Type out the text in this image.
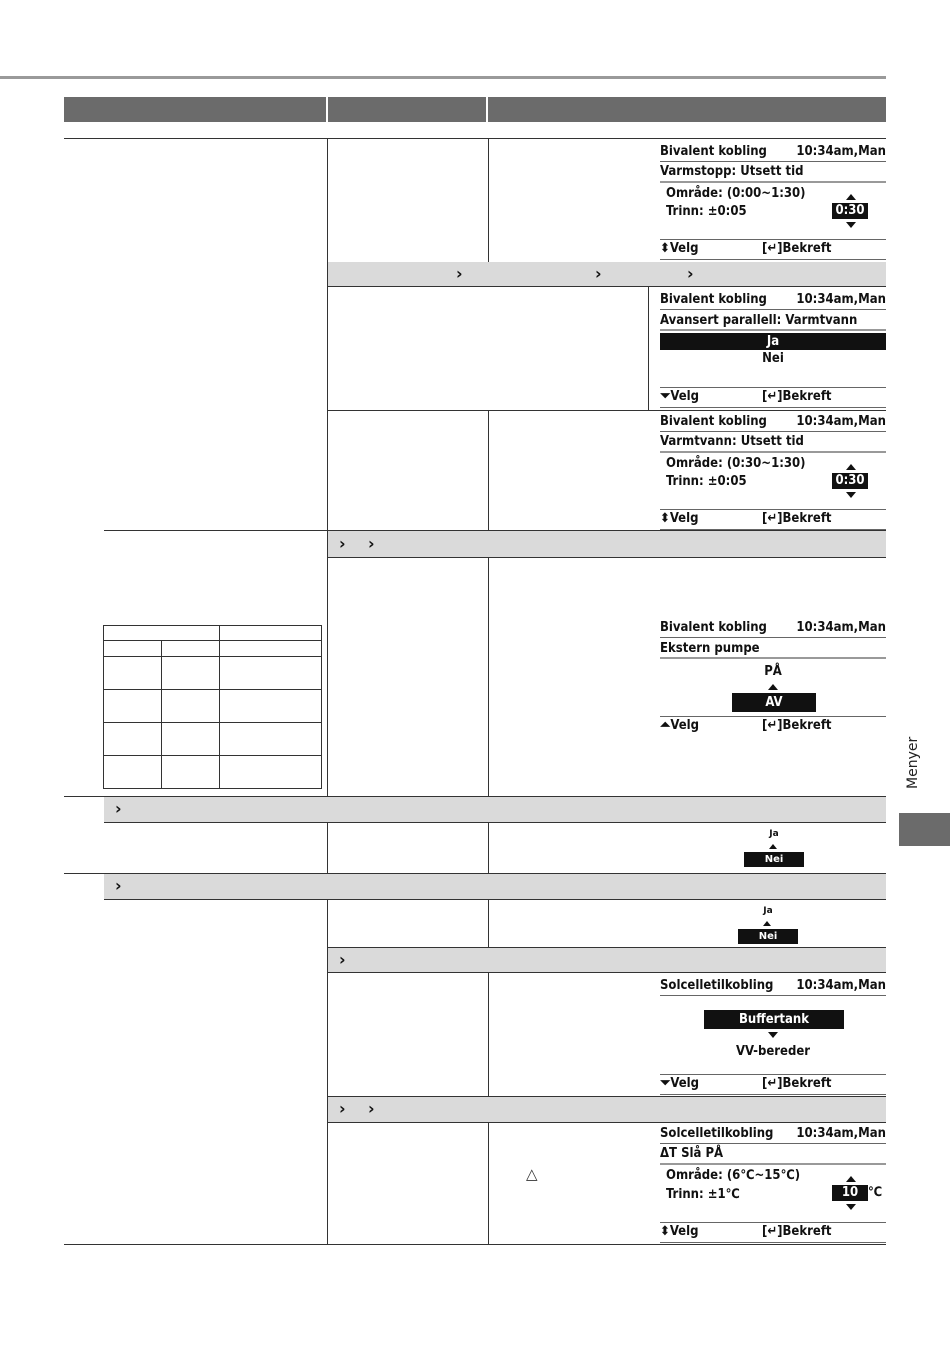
›	›	›
› ›

›
›
›
› ›
Bivalent kobling 10:34am,Man
Varmstopp: Utsett tid
Område: (0:00~1:30)
Trinn: ±0:05	0:30
⬍Velg	[↵]Bekreft
Bivalent kobling 10:34am,Man
Avansert parallell: Varmtvann
Ja
Nei
⏷Velg	[↵]Bekreft
Bivalent kobling 10:34am,Man
Varmtvann: Utsett tid
Område: (0:30~1:30)
Trinn: ±0:05	0:30
⬍Velg	[↵]Bekreft
Bivalent kobling 10:34am,Man
Ekstern pumpe
PÅ
AV
⏶Velg	[↵]Bekreft
Ja
Nei
Ja
Nei
Solcelletilkobling 10:34am,Man
Buffertank
VV-bereder
⏷Velg	[↵]Bekreft
△
Solcelletilkobling 10:34am,Man
ΔT Slå PÅ
Område: (6℃~15℃)
Trinn: ±1℃	10 ℃
⬍Velg	[↵]Bekreft
Menyer
